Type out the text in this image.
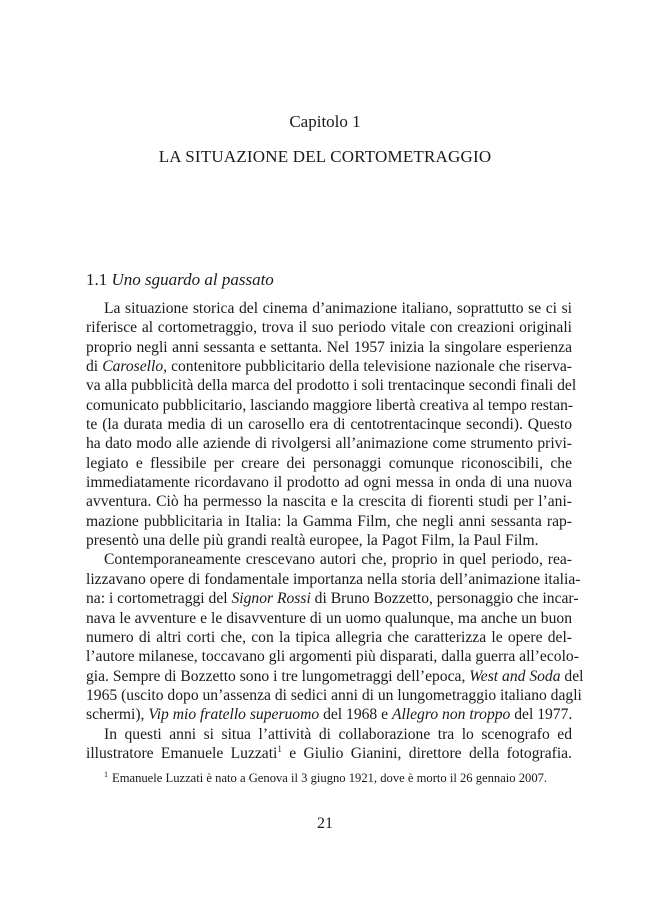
Capitolo 1
LA SITUAZIONE DEL CORTOMETRAGGIO
1.1 Uno sguardo al passato
La situazione storica del cinema d’animazione italiano, soprattutto se ci si
riferisce al cortometraggio, trova il suo periodo vitale con creazioni originali
proprio negli anni sessanta e settanta. Nel 1957 inizia la singolare esperienza
di Carosello, contenitore pubblicitario della televisione nazionale che riserva-
va alla pubblicità della marca del prodotto i soli trentacinque secondi finali del
comunicato pubblicitario, lasciando maggiore libertà creativa al tempo restan-
te (la durata media di un carosello era di centotrentacinque secondi). Questo
ha dato modo alle aziende di rivolgersi all’animazione come strumento privi-
legiato e flessibile per creare dei personaggi comunque riconoscibili, che
immediatamente ricordavano il prodotto ad ogni messa in onda di una nuova
avventura. Ciò ha permesso la nascita e la crescita di fiorenti studi per l’ani-
mazione pubblicitaria in Italia: la Gamma Film, che negli anni sessanta rap-
presentò una delle più grandi realtà europee, la Pagot Film, la Paul Film.
Contemporaneamente crescevano autori che, proprio in quel periodo, rea-
lizzavano opere di fondamentale importanza nella storia dell’animazione italia-
na: i cortometraggi del Signor Rossi di Bruno Bozzetto, personaggio che incar-
nava le avventure e le disavventure di un uomo qualunque, ma anche un buon
numero di altri corti che, con la tipica allegria che caratterizza le opere del-
l’autore milanese, toccavano gli argomenti più disparati, dalla guerra all’ecolo-
gia. Sempre di Bozzetto sono i tre lungometraggi dell’epoca, West and Soda del
1965 (uscito dopo un’assenza di sedici anni di un lungometraggio italiano dagli
schermi), Vip mio fratello superuomo del 1968 e Allegro non troppo del 1977.
In questi anni si situa l’attività di collaborazione tra lo scenografo ed
illustratore Emanuele Luzzati$^1$ e Giulio Gianini, direttore della fotografia.
$^1$ Emanuele Luzzati è nato a Genova il 3 giugno 1921, dove è morto il 26 gennaio 2007.
21
